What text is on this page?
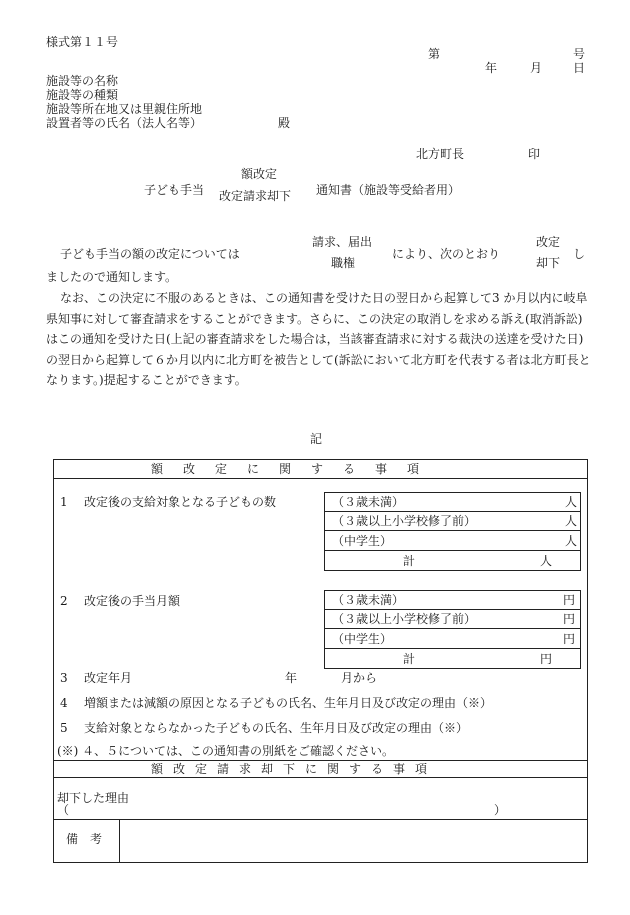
様式第１１号
第	号
年	月	日
施設等の名称
施設等の種類
施設等所在地又は里親住所地
設置者等の氏名（法人名等）	殿
北方町長	印
額改定
子ども手当 改定請求却下 通知書（施設等受給者用）
子ども手当の額の改定については
請求、届出
職権
により、次のとおり
改定
却下
し
ましたので通知します。
なお、この決定に不服のあるときは、この通知書を受けた日の翌日から起算して3 か月以内に岐阜県知事に対して審査請求をすることができます。さらに、この決定の取消しを求める訴え(取消訴訟)はこの通知を受けた日(上記の審査請求をした場合は，当該審査請求に対する裁決の送達を受けた日)の翌日から起算して６か月以内に北方町を被告として(訴訟において北方町を代表する者は北方町長となります。)提起することができます。
記
額改定に関する事項
1 改定後の支給対象となる子どもの数	（３歳未満）	人
（３歳以上小学校修了前）	人
（中学生）	人
計	人
2 改定後の手当月額	（３歳未満）	円
（３歳以上小学校修了前）	円
（中学生）	円
計	円
3 改定年月	年	月から
4 増額または減額の原因となる子どもの氏名、生年月日及び改定の理由（※）
5 支給対象とならなかった子どもの氏名、生年月日及び改定の理由（※）
(※) ４、５については、この通知書の別紙をご確認ください。
額改定請求却下に関する事項
却下した理由
（	）
備考
